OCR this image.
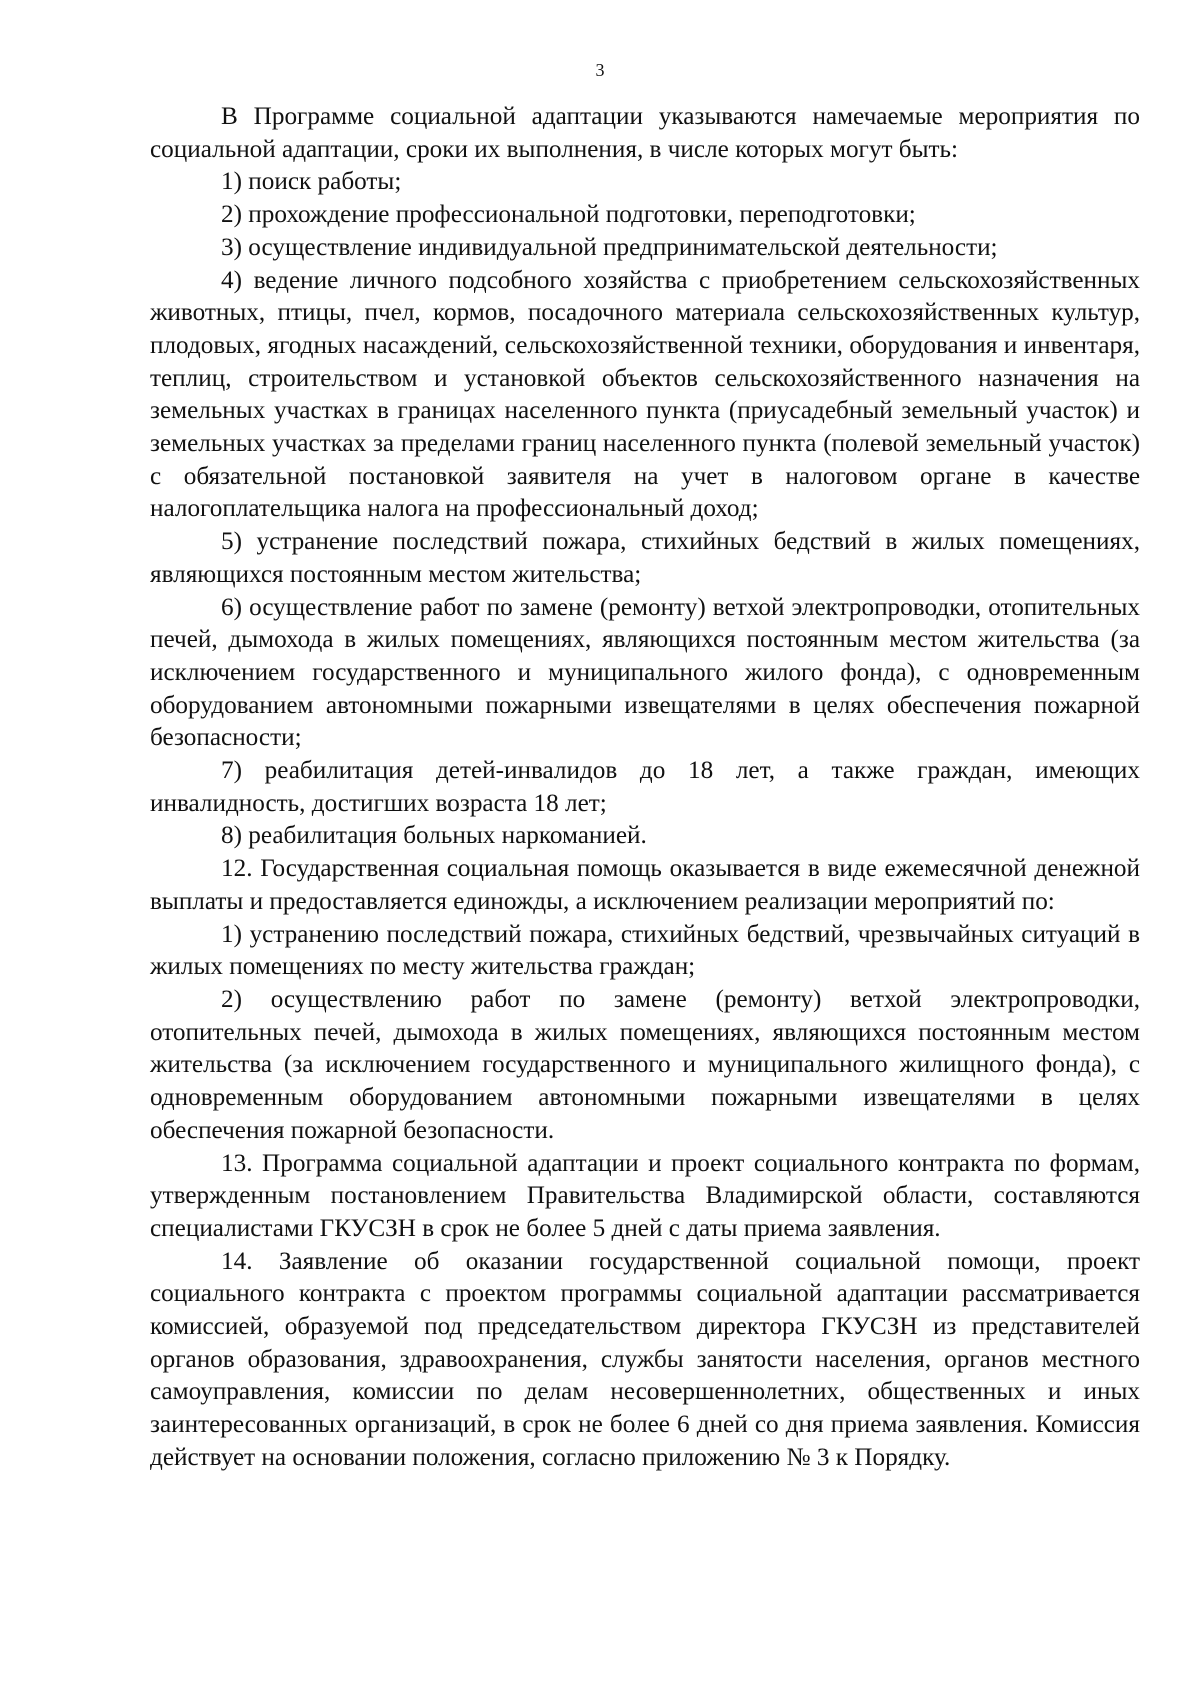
3

В Программе социальной адаптации указываются намечаемые мероприятия по социальной адаптации, сроки их выполнения, в числе которых могут быть:

1) поиск работы;

2) прохождение профессиональной подготовки, переподготовки;

3) осуществление индивидуальной предпринимательской деятельности;

4) ведение личного подсобного хозяйства с приобретением сельскохозяйственных животных, птицы, пчел, кормов, посадочного материала сельскохозяйственных культур, плодовых, ягодных насаждений, сельскохозяйственной техники, оборудования и инвентаря, теплиц, строительством и установкой объектов сельскохозяйственного назначения на земельных участках в границах населенного пункта (приусадебный земельный участок) и земельных участках за пределами границ населенного пункта (полевой земельный участок) с обязательной постановкой заявителя на учет в налоговом органе в качестве налогоплательщика налога на профессиональный доход;

5) устранение последствий пожара, стихийных бедствий в жилых помещениях, являющихся постоянным местом жительства;

6) осуществление работ по замене (ремонту) ветхой электропроводки, отопительных печей, дымохода в жилых помещениях, являющихся постоянным местом жительства (за исключением государственного и муниципального жилого фонда), с одновременным оборудованием автономными пожарными извещателями в целях обеспечения пожарной безопасности;

7) реабилитация детей-инвалидов до 18 лет, а также граждан, имеющих инвалидность, достигших возраста 18 лет;

8) реабилитация больных наркоманией.

12. Государственная социальная помощь оказывается в виде ежемесячной денежной выплаты и предоставляется единожды, а исключением реализации мероприятий по:

1) устранению последствий пожара, стихийных бедствий, чрезвычайных ситуаций в жилых помещениях по месту жительства граждан;

2) осуществлению работ по замене (ремонту) ветхой электропроводки, отопительных печей, дымохода в жилых помещениях, являющихся постоянным местом жительства (за исключением государственного и муниципального жилищного фонда), с одновременным оборудованием автономными пожарными извещателями в целях обеспечения пожарной безопасности.

13. Программа социальной адаптации и проект социального контракта по формам, утвержденным постановлением Правительства Владимирской области, составляются специалистами ГКУСЗН в срок не более 5 дней с даты приема заявления.

14. Заявление об оказании государственной социальной помощи, проект социального контракта с проектом программы социальной адаптации рассматривается комиссией, образуемой под председательством директора ГКУСЗН из представителей органов образования, здравоохранения, службы занятости населения, органов местного самоуправления, комиссии по делам несовершеннолетних, общественных и иных заинтересованных организаций, в срок не более 6 дней со дня приема заявления. Комиссия действует на основании положения, согласно приложению № 3 к Порядку.
